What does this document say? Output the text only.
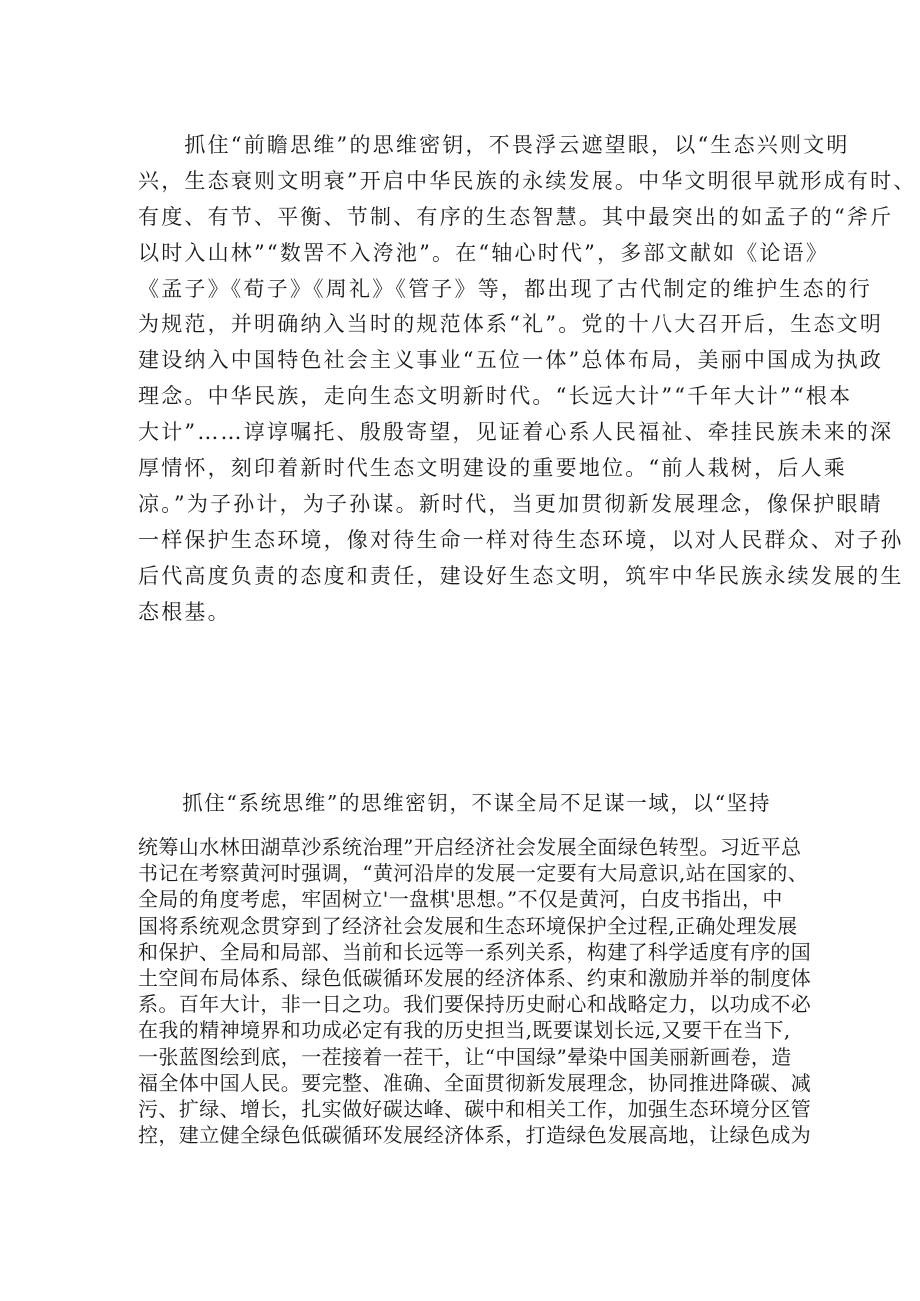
　　抓住“前瞻思维”的思维密钥，不畏浮云遮望眼，以“生态兴则文明
兴，生态衰则文明衰”开启中华民族的永续发展。中华文明很早就形成有时、
有度、有节、平衡、节制、有序的生态智慧。其中最突出的如孟子的“斧斤
以时入山林”“数罟不入洿池”。在“轴心时代”，多部文献如《论语》
《孟子》《荀子》《周礼》《管子》等，都出现了古代制定的维护生态的行
为规范，并明确纳入当时的规范体系“礼”。党的十八大召开后，生态文明
建设纳入中国特色社会主义事业“五位一体”总体布局，美丽中国成为执政
理念。中华民族，走向生态文明新时代。“长远大计”“千年大计”“根本
大计”……谆谆嘱托、殷殷寄望，见证着心系人民福祉、牵挂民族未来的深
厚情怀，刻印着新时代生态文明建设的重要地位。“前人栽树，后人乘
凉。”为子孙计，为子孙谋。新时代，当更加贯彻新发展理念，像保护眼睛
一样保护生态环境，像对待生命一样对待生态环境，以对人民群众、对子孙
后代高度负责的态度和责任，建设好生态文明，筑牢中华民族永续发展的生
态根基。
　　抓住“系统思维”的思维密钥，不谋全局不足谋一域，以“坚持
统筹山水林田湖草沙系统治理”开启经济社会发展全面绿色转型。习近平总
书记在考察黄河时强调，“黄河沿岸的发展一定要有大局意识,站在国家的、
全局的角度考虑，牢固树立'一盘棋'思想。”不仅是黄河，白皮书指出，中
国将系统观念贯穿到了经济社会发展和生态环境保护全过程,正确处理发展
和保护、全局和局部、当前和长远等一系列关系，构建了科学适度有序的国
土空间布局体系、绿色低碳循环发展的经济体系、约束和激励并举的制度体
系。百年大计，非一日之功。我们要保持历史耐心和战略定力，以功成不必
在我的精神境界和功成必定有我的历史担当,既要谋划长远,又要干在当下,
一张蓝图绘到底，一茬接着一茬干，让“中国绿”晕染中国美丽新画卷，造
福全体中国人民。要完整、准确、全面贯彻新发展理念，协同推进降碳、减
污、扩绿、增长，扎实做好碳达峰、碳中和相关工作，加强生态环境分区管
控，建立健全绿色低碳循环发展经济体系，打造绿色发展高地，让绿色成为
